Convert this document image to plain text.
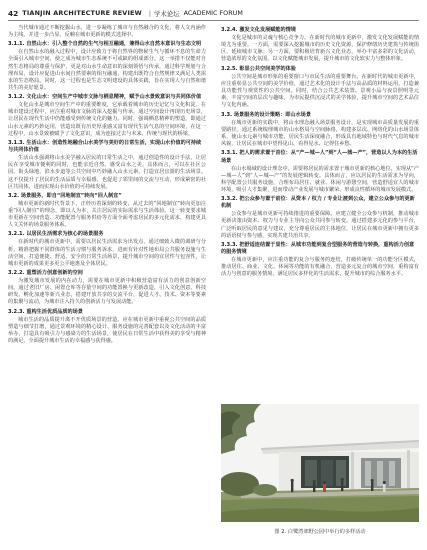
42 TIANJIN ARCHITECTURE REVIEW | 学术论坛 ACADEMIC FORUM

当代城市通过不断挖掘山水，进一步凝练了城市与自然融合的文化，将人文内涵作为主线，并进一步凸显，反哺在城市更新的模式选择中。

3.1.1. 自然山水：引入整个自然的生气与相互融通，兼得山水自然本意识与生态文明

在自然山水的融入过程中，设计应致力于将自然界的物候生气与循环不息的生命力全面引入城市空间，使之成为城市生态系统不可或缺的组成部分。这一举措不仅能对自然生态格局的尊重与保护，更是对山水生命意识的深刻领悟与传承，通过科学规划与合理布局，设计应促进山水间自然要素的相互融通，构建出既符合自然规律又满足人类需求的生态格局。同时，这一过程也是生态文明建设的具体实践，旨在实现人与自然和谐共生的美好愿景。

3.1.2. 文化山水：空间生产中城市文脉与栖息精神，赋予山水景致意识与共同体价值

文化山水是城市空间生产中的重要维度，它承载着城市的历史记忆与文化积淀。在城市建设过程中，应注重对城市文脉的深入挖掘与传承，通过空间设计再现历史场景，让居民在现代生活中仍能感受到传统文化的魅力。同时，强调栖息精神的塑造，即通过山水元素的巧妙运用，营造出既有历史厚重感又富有现代生活气息的空间环境，在这一过程中，山水景致被赋予了文化意识，成为连接过去与未来、传统与现代的桥梁。

3.1.3. 生活山水：创造性地融合山水美学与美好的日常生活，实现山水价值的可持续与共同体价值

生活山水强调将山水美学融入居民的日常生活之中，通过创造性的设计手法，让居民在享受城市便利的同时，也能亲近自然、感受山水之美。具体而言，可以在社区公园、街头绿地、滨水步道等公共空间中巧妙融入山水元素，打造宜居宜游的生活场景。这不仅提升了居民的生活品质与幸福感，也促进了邻里间的交流与互动，形成紧密的社区共同体，进而实现山水价值的可持续发展。

3.2. 场景服务，即自“回地制宜”转向“回人制宜”

城市更新的新时代背景下，正经历着深刻的转变，从过去的“回地制宜”转向更加注重“回人制宜”的理念，即以人为本，关注居民的实际需求与生活体验。这一转变要求城市更新在空间营造、功能配置与服务供给等方面全面考虑居民的多元化需求，构建更具人文关怀的场景服务体系。

3.2.1. 以居民生活需求为核心的场景服务

在新时代的城市更新中，需要以居民生活需求为出发点，通过细致入微的调研与分析，精准把握不同群体的生活习惯与服务诉求，进而有针对性地布局公共服务设施与生活空间，打造便捷、舒适、安全的日常生活场景，提升城市空间的宜居性与包容性，让城市更新的成果更多更公平地惠及全体居民。

3.2.2. 重塑活力创意创新的空间

为激发城市发展的内在动力，需要在城市更新中积极营造富有活力的创意创新空间。通过老旧厂房、闲置仓库等存量空间的功能置换与更新改造，引入文化创意、科技研发、孵化加速等新兴业态，搭建开放共享的交流平台，促进人才、技术、资本等要素的集聚与流动，为城市注入持久的创新活力与发展动能。

3.2.3. 重构生活优质品质的场景

城市生活的品质提升离不开优质场景的营造。应在城市更新中重视公共空间的品质塑造与细节打磨，通过景观环境的精心设计、服务设施的完善配套以及文化活动的丰富举办，打造具有吸引力与感染力的生活场景，使居民在日常生活中获得美的享受与精神的满足，全面提升城市生活的幸福感与获得感。

3.2.4. 激发文化发展赋能的情境

文化是城市的灵魂与核心竞争力。在新时代的城市更新中，激发文化发展赋能的情境尤为重要。一方面，需要深入挖掘城市的历史文化资源，保护修缮历史建筑与传统街区，延续城市文脉；另一方面，要积极培育新兴文化业态，举办丰富多彩的文化活动，营造浓厚的文化氛围，以文化赋能城市发展，提升城市的文化软实力与整体形象。

3.2.5. 彰显公共空间美学的体验

公共空间是城市形象的重要窗口与市民生活的重要舞台。在新时代的城市更新中，应注重彰显公共空间的美学价值，通过艺术化的设计手法与高品质的材料运用，打造兼具功能性与观赏性的公共空间。同时，结合公共艺术装置、景观小品与夜景照明等元素，丰富空间的层次与趣味，为市民提供沉浸式的美学体验，提升城市空间的艺术品位与文化内涵。

3.3. 场景服务的设计策略：即山水场景

在城市更新的实践中，将山水理念融入场景服务设计，是实现城市高质量发展的重要路径。通过系统梳理城市的山水格局与空间脉络，构建多层次、网络化的山水场景体系，使山水元素与城市功能、居民生活深度融合，形成具有地域特色与时代气息的城市风貌，让居民在城市中望得见山、看得见水、记得住乡愁。

3.3.1. 把人的需求置于首位：从“产—城—人”到“人—城—产”，营造以人为本的生活场景

在山水場域的设计理念中，需要将居民的需求置于城市更新的核心地位，实现从“产—城—人”到“人—城—产”的发展逻辑转变。具体而言，应以居民的生活需求为导向，科学配置公共服务设施，合理布局居住、就业、休闲与游憩空间，营造舒适宜人的城市环境，吸引人才集聚，进而带动产业发展与城市繁荣，形成良性循环的城市发展模式。

3.3.2. 把公众参与置于前位：从资本 / 权力 / 专业让渡到公众，建立公众参与的更新机制

公众参与是城市更新可持续推进的重要保障。应建立健全公众参与机制，推动城市更新决策由资本、权力与专业主导向公众共同参与转变。通过搭建多元化的参与平台，广泛听取居民的意见与建议，充分尊重居民的主体地位，让居民在城市更新中拥有更多的话语权与参与感，实现共建共治共享。

3.3.3. 把舒适连结置于显性：从城市功能到复合型服务的营造与转换，重构活力创意的服务情境

在城市更新中，应注重功能的复合与服务的连结，打破传统单一的功能分区模式，推动居住、商业、文化、休闲等功能的有机融合，营造多元复合的城市空间，重构富有活力与创意的服务情境，满足居民多样化的生活需求，提升城市的综合服务水平。

图 2. 白鹭湾郊野公园中举行的多样活动
